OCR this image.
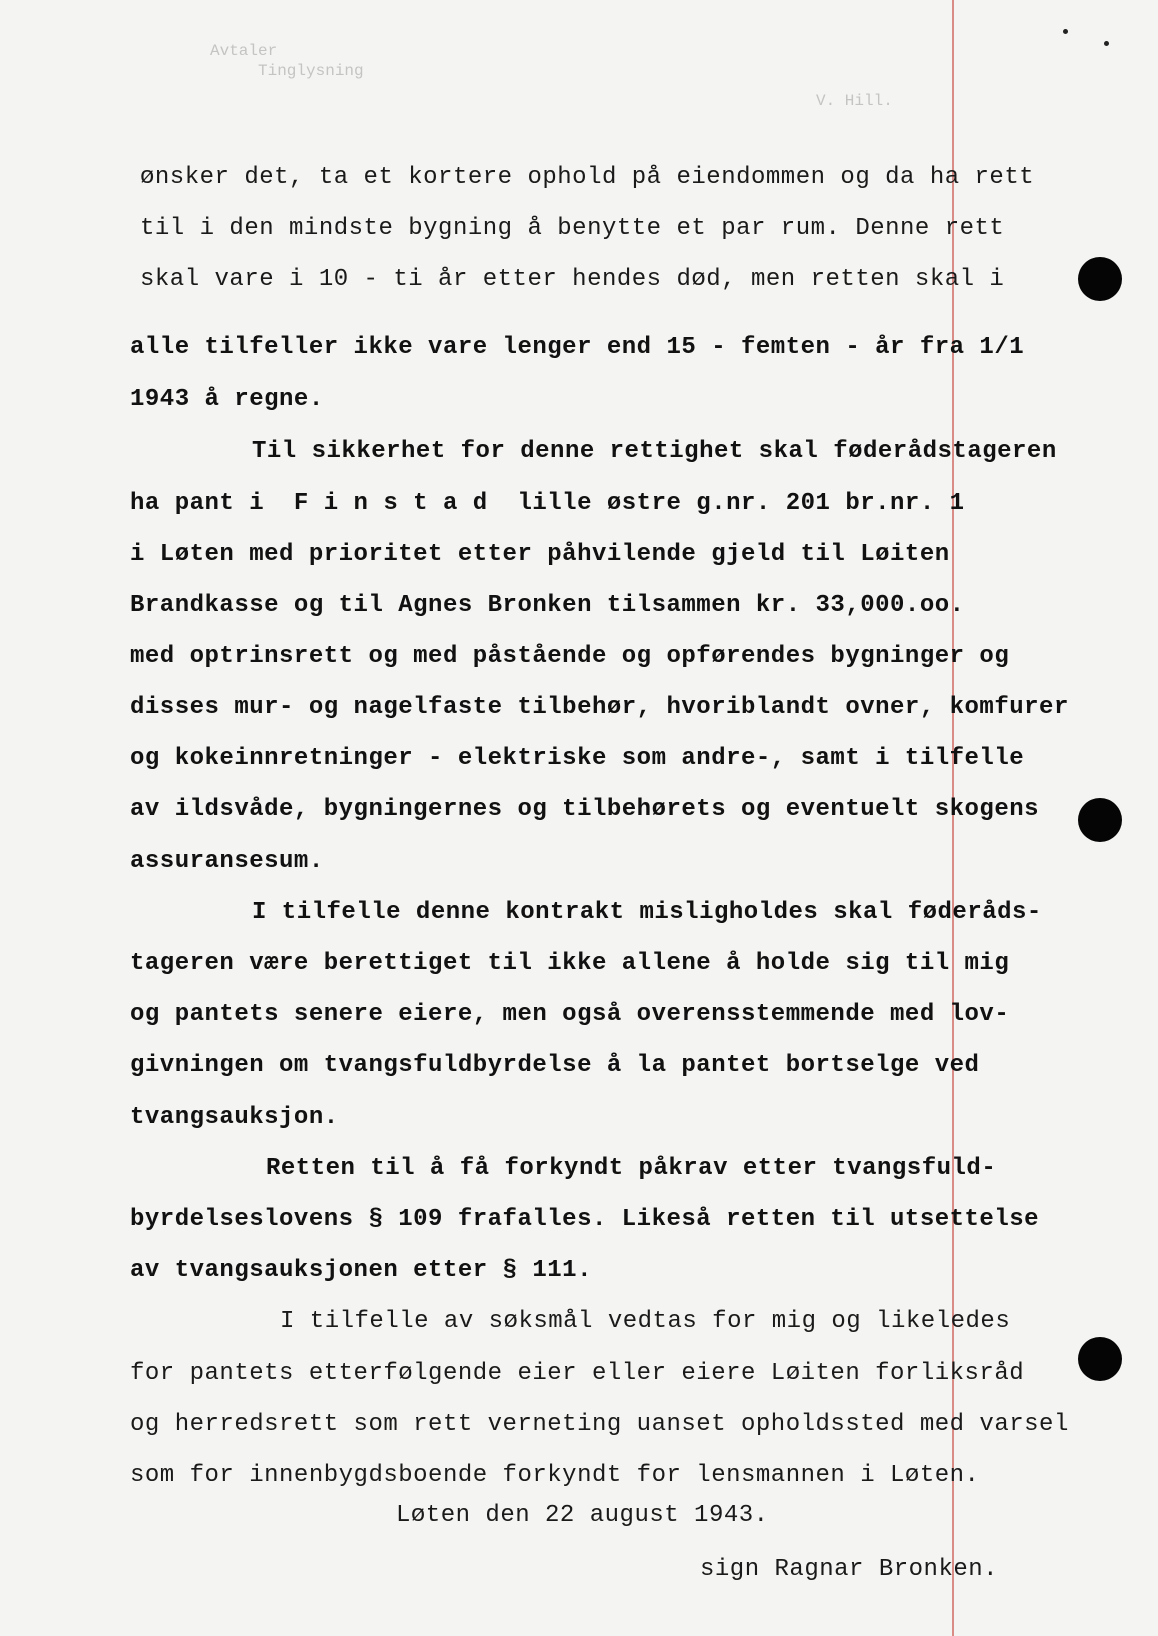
Avtaler
Tinglysning
V. Hill.
ønsker det, ta et kortere ophold på eiendommen og da ha rett
til i den mindste bygning å benytte et par rum. Denne rett
skal vare i 10 - ti år etter hendes død, men retten skal i
alle tilfeller ikke vare lenger end 15 - femten - år fra 1/1
1943 å regne.
Til sikkerhet for denne rettighet skal føderådstageren
ha pant i  F i n s t a d  lille østre g.nr. 201 br.nr. 1
i Løten med prioritet etter påhvilende gjeld til Løiten
Brandkasse og til Agnes Bronken tilsammen kr. 33,000.oo.
med optrinsrett og med påstående og opførendes bygninger og
disses mur- og nagelfaste tilbehør, hvoriblandt ovner, komfurer
og kokeinnretninger - elektriske som andre-, samt i tilfelle
av ildsvåde, bygningernes og tilbehørets og eventuelt skogens
assuransesum.
I tilfelle denne kontrakt misligholdes skal føderåds-
tageren være berettiget til ikke allene å holde sig til mig
og pantets senere eiere, men også overensstemmende med lov-
givningen om tvangsfuldbyrdelse å la pantet bortselge ved
tvangsauksjon.
Retten til å få forkyndt påkrav etter tvangsfuld-
byrdelseslovens § 109 frafalles. Likeså retten til utsettelse
av tvangsauksjonen etter § 111.
I tilfelle av søksmål vedtas for mig og likeledes
for pantets etterfølgende eier eller eiere Løiten forliksråd
og herredsrett som rett verneting uanset opholdssted med varsel
som for innenbygdsboende forkyndt for lensmannen i Løten.
Løten den 22 august 1943.
sign Ragnar Bronken.
